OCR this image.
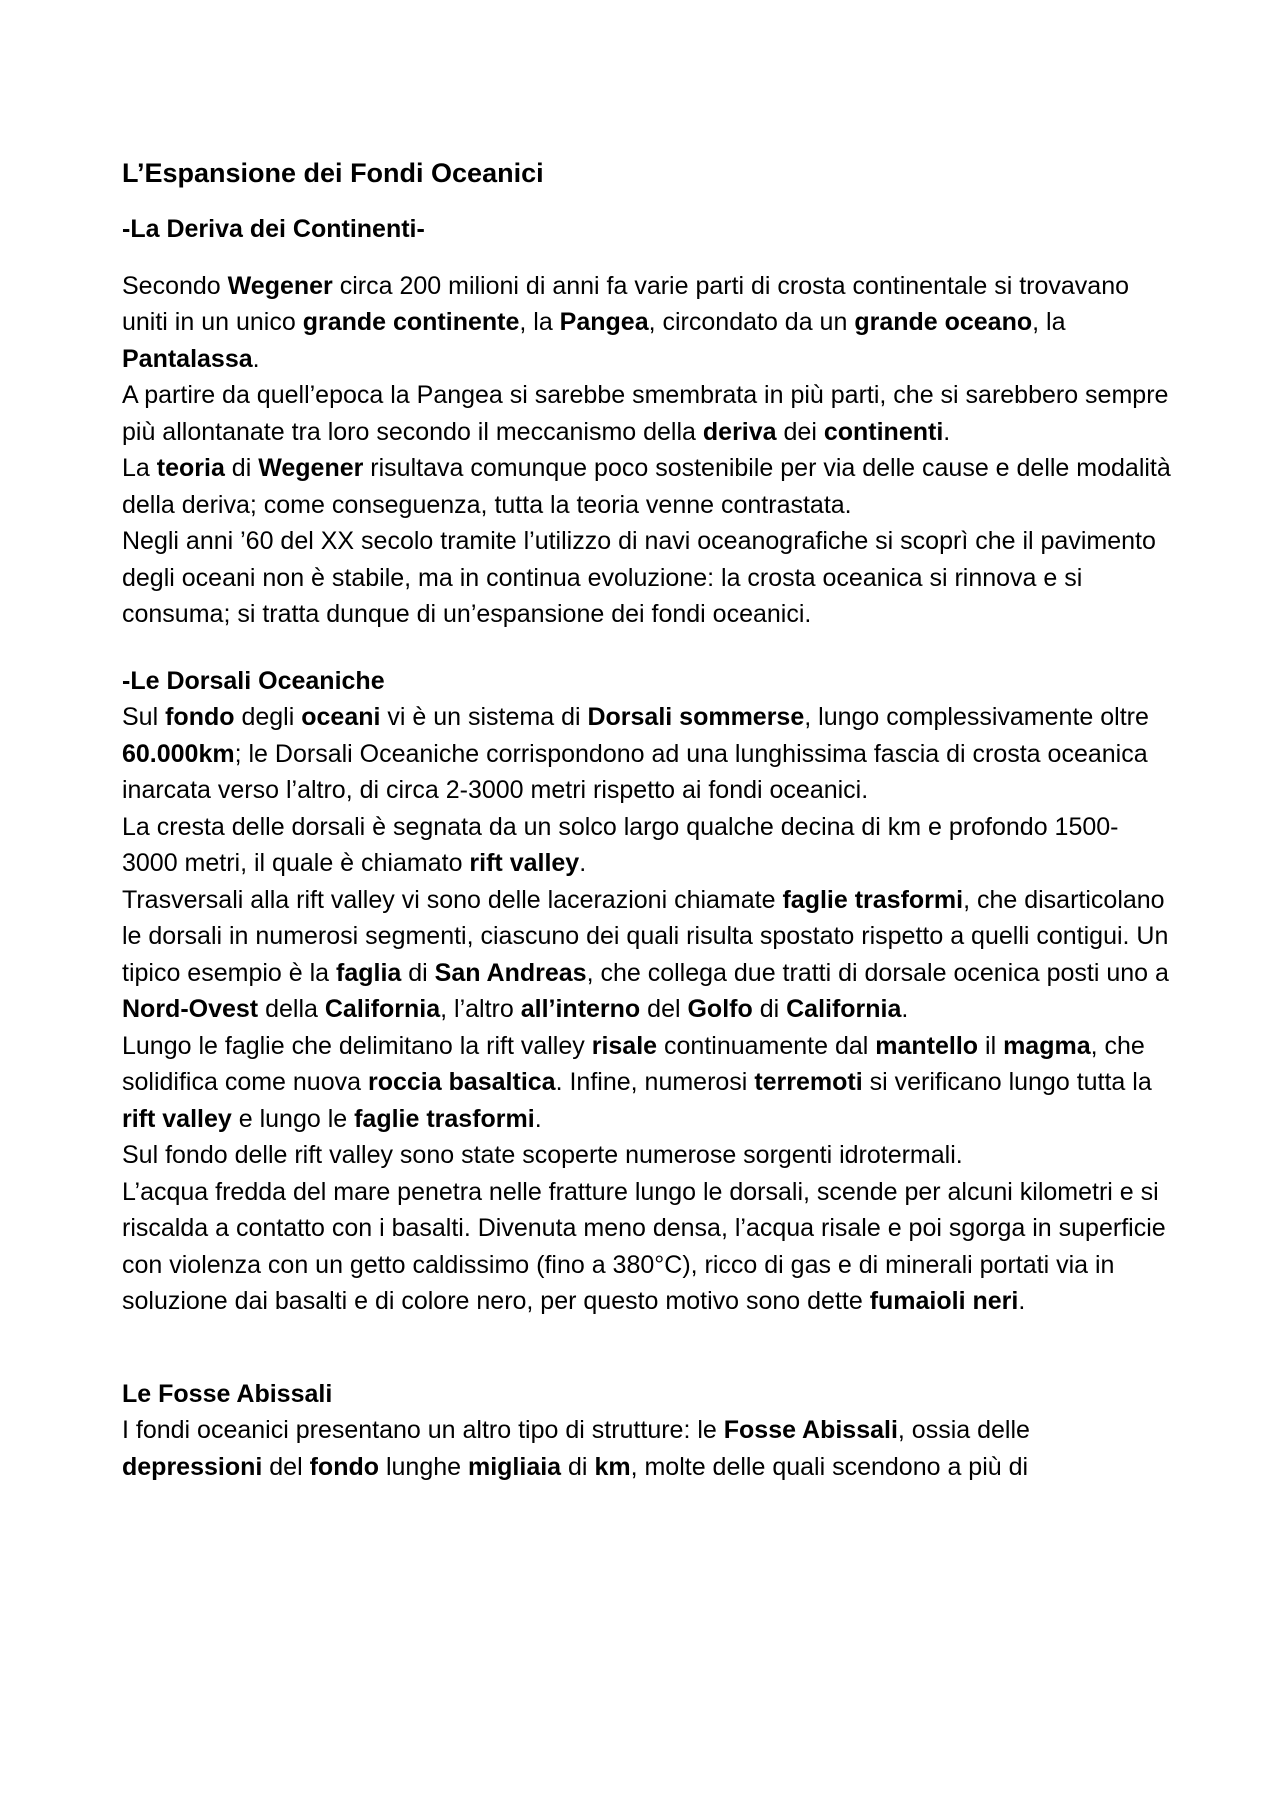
L’Espansione dei Fondi Oceanici

-La Deriva dei Continenti-

Secondo Wegener circa 200 milioni di anni fa varie parti di crosta continentale si trovavano uniti in un unico grande continente, la Pangea, circondato da un grande oceano, la Pantalassa.

A partire da quell’epoca la Pangea si sarebbe smembrata in più parti, che si sarebbero sempre più allontanate tra loro secondo il meccanismo della deriva dei continenti.

La teoria di Wegener risultava comunque poco sostenibile per via delle cause e delle modalità della deriva; come conseguenza, tutta la teoria venne contrastata.

Negli anni ’60 del XX secolo tramite l’utilizzo di navi oceanografiche si scoprì che il pavimento degli oceani non è stabile, ma in continua evoluzione: la crosta oceanica si rinnova e si consuma; si tratta dunque di un’espansione dei fondi oceanici.

-Le Dorsali Oceaniche

Sul fondo degli oceani vi è un sistema di Dorsali sommerse, lungo complessivamente oltre 60.000km; le Dorsali Oceaniche corrispondono ad una lunghissima fascia di crosta oceanica inarcata verso l’altro, di circa 2-3000 metri rispetto ai fondi oceanici.

La cresta delle dorsali è segnata da un solco largo qualche decina di km e profondo 1500-3000 metri, il quale è chiamato rift valley.

Trasversali alla rift valley vi sono delle lacerazioni chiamate faglie trasformi, che disarticolano le dorsali in numerosi segmenti, ciascuno dei quali risulta spostato rispetto a quelli contigui. Un tipico esempio è la faglia di San Andreas, che collega due tratti di dorsale ocenica posti uno a Nord-Ovest della California, l’altro all’interno del Golfo di California.

Lungo le faglie che delimitano la rift valley risale continuamente dal mantello il magma, che solidifica come nuova roccia basaltica. Infine, numerosi terremoti si verificano lungo tutta la rift valley e lungo le faglie trasformi.

Sul fondo delle rift valley sono state scoperte numerose sorgenti idrotermali.

L’acqua fredda del mare penetra nelle fratture lungo le dorsali, scende per alcuni kilometri e si riscalda a contatto con i basalti. Divenuta meno densa, l’acqua risale e poi sgorga in superficie con violenza con un getto caldissimo (fino a 380°C), ricco di gas e di minerali portati via in soluzione dai basalti e di colore nero, per questo motivo sono dette fumaioli neri.

Le Fosse Abissali

I fondi oceanici presentano un altro tipo di strutture: le Fosse Abissali, ossia delle depressioni del fondo lunghe migliaia di km, molte delle quali scendono a più di
